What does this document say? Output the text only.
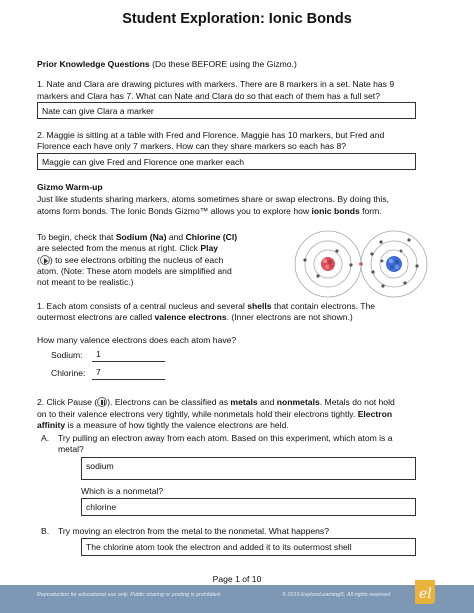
Student Exploration: Ionic Bonds
Prior Knowledge Questions (Do these BEFORE using the Gizmo.)
1. Nate and Clara are drawing pictures with markers. There are 8 markers in a set. Nate has 9
markers and Clara has 7. What can Nate and Clara do so that each of them has a full set?
Nate can give Clara a marker
2. Maggie is sitting at a table with Fred and Florence. Maggie has 10 markers, but Fred and
Florence each have only 7 markers. How can they share markers so each has 8?
Maggie can give Fred and Florence one marker each
Gizmo Warm-up
Just like students sharing markers, atoms sometimes share or swap electrons. By doing this,
atoms form bonds. The Ionic Bonds Gizmo™ allows you to explore how ionic bonds form.
To begin, check that Sodium (Na) and Chlorine (Cl)
are selected from the menus at right. Click Play
( ) to see electrons orbiting the nucleus of each
atom. (Note: These atom models are simplified and
not meant to be realistic.)
1. Each atom consists of a central nucleus and several shells that contain electrons. The
outermost electrons are called valence electrons. (Inner electrons are not shown.)
How many valence electrons does each atom have?
Sodium:	1
Chlorine:	7
2. Click Pause ( ). Electrons can be classified as metals and nonmetals. Metals do not hold
on to their valence electrons very tightly, while nonmetals hold their electrons tightly. Electron
affinity is a measure of how tightly the valence electrons are held.
A. Try pulling an electron away from each atom. Based on this experiment, which atom is a
metal?
sodium
Which is a nonmetal?
chlorine
B. Try moving an electron from the metal to the nonmetal. What happens?
The chlorine atom took the electron and added it to its outermost shell
Page 1 of 10
Reproduction for educational use only. Public sharing or posting is prohibited.	© 2019 ExploreLearning®. All rights reserved el
